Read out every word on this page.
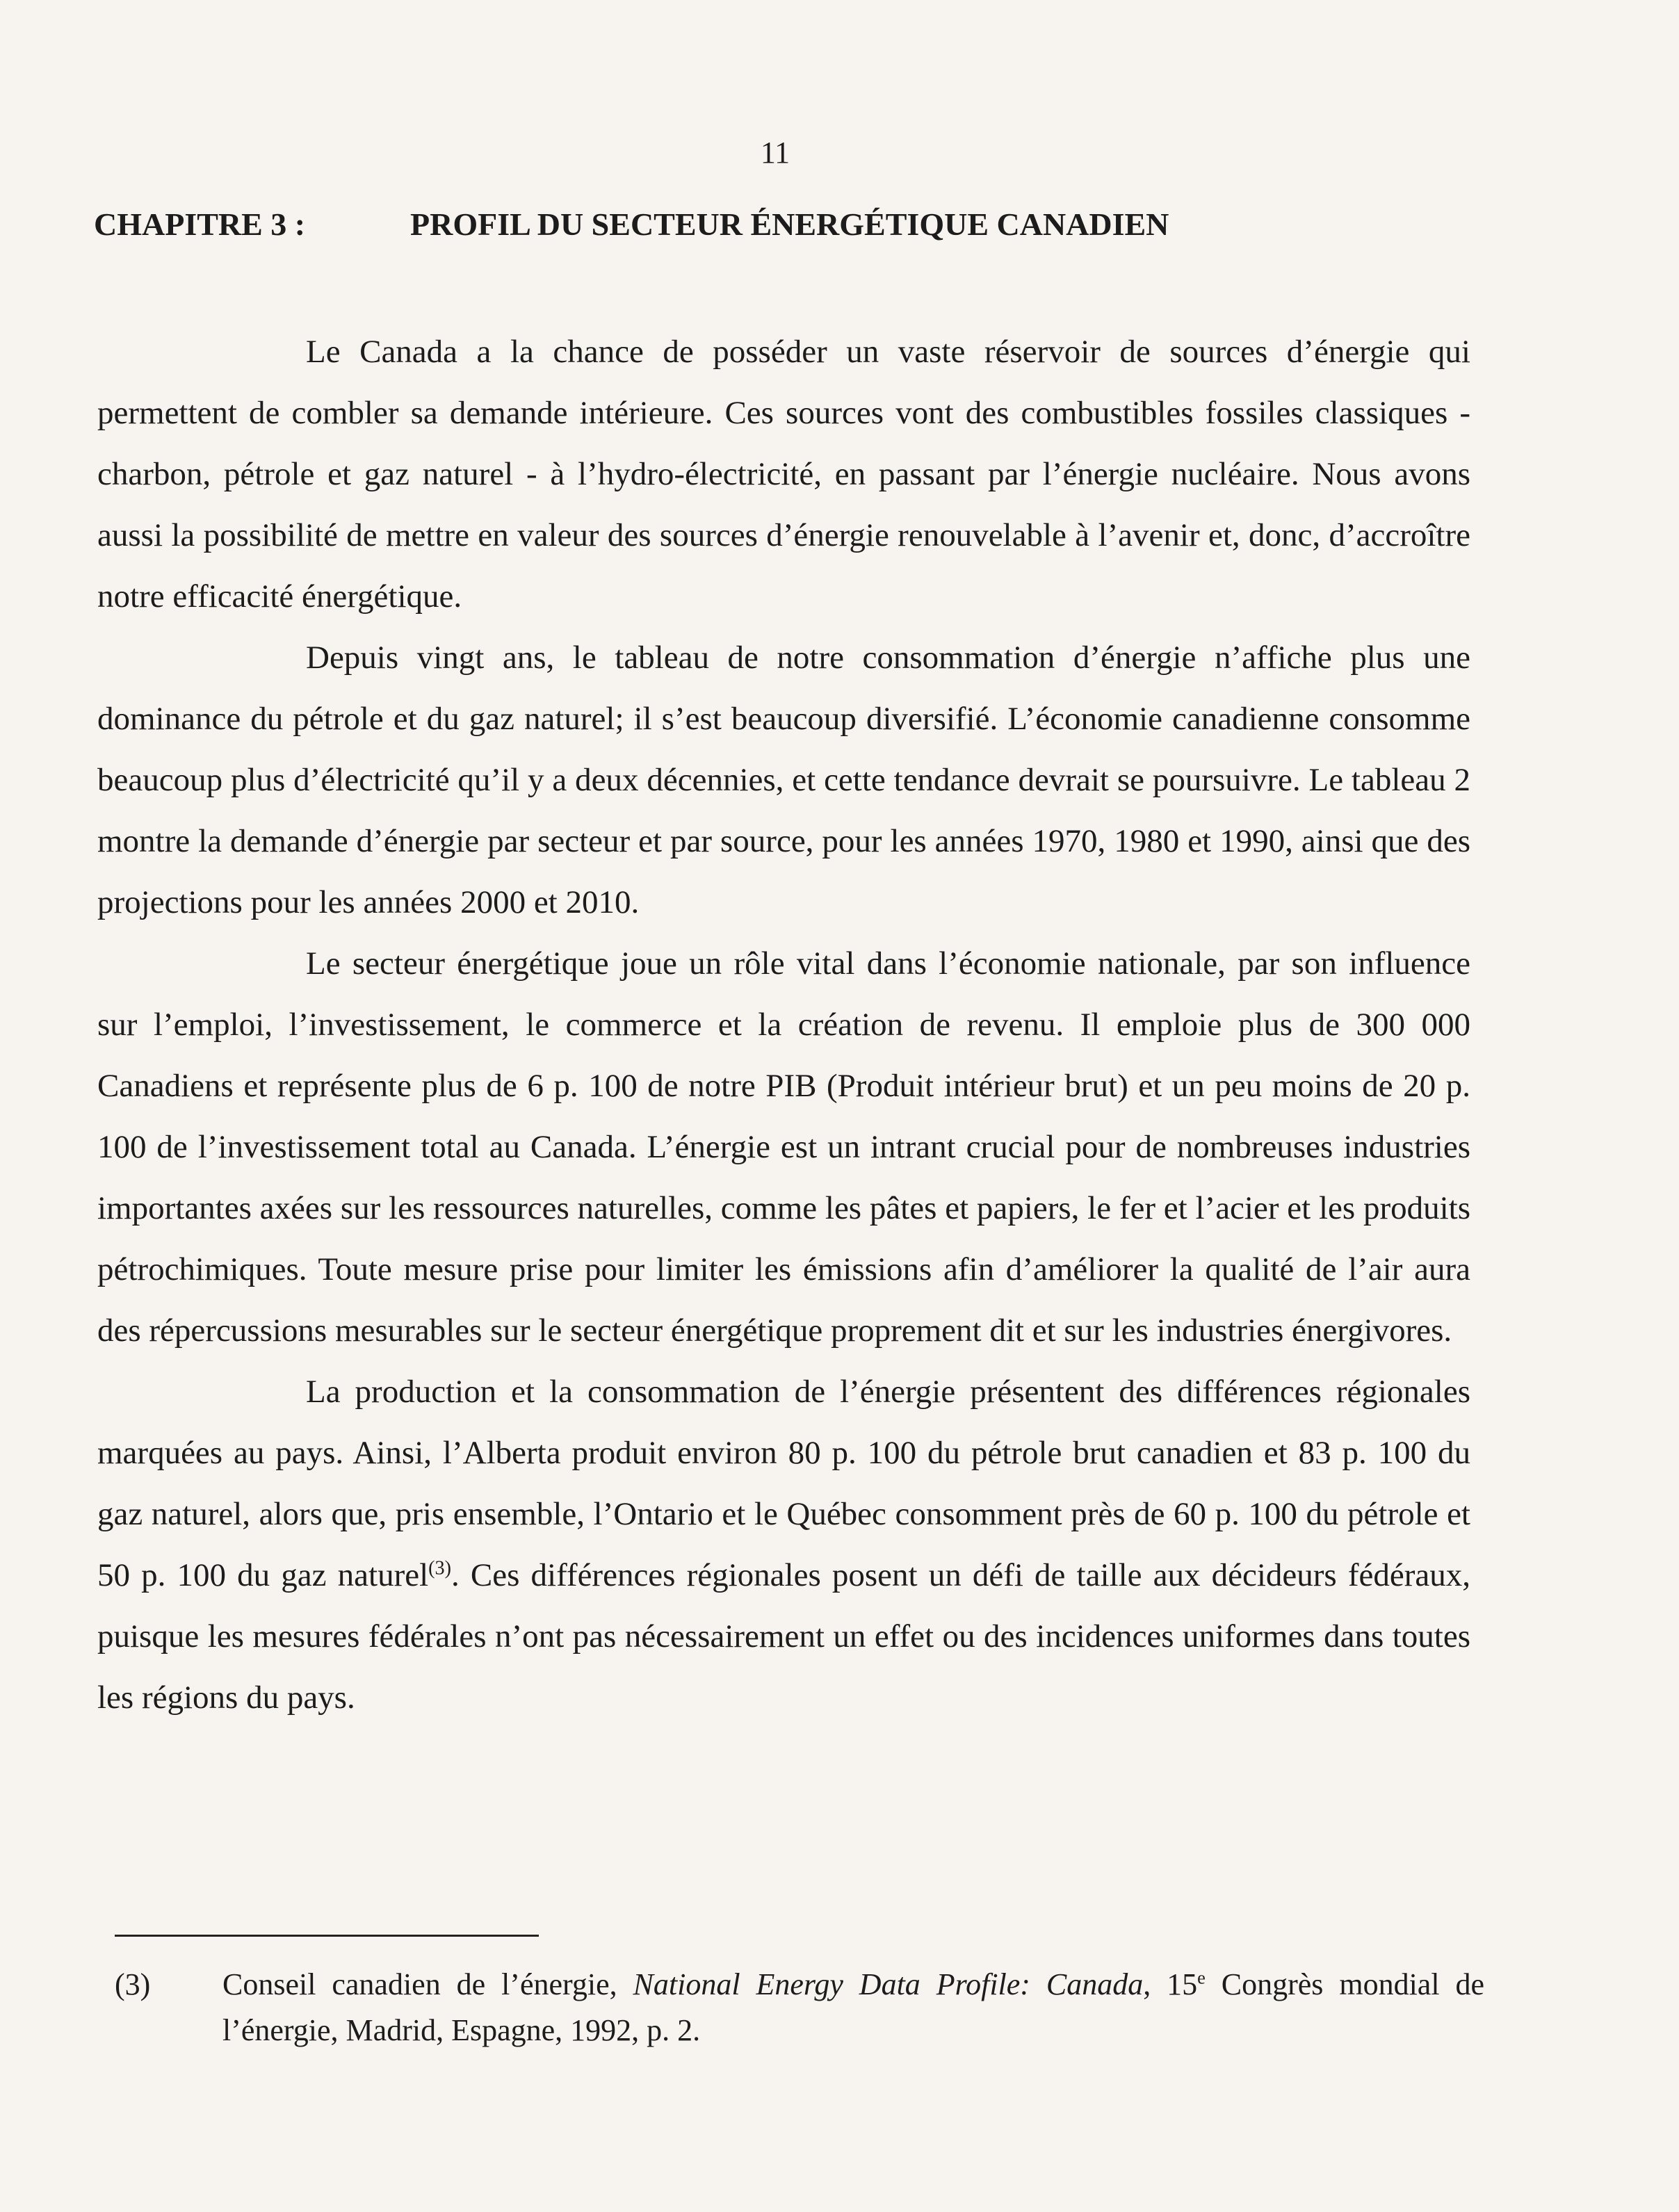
11
CHAPITRE 3 :	PROFIL DU SECTEUR ÉNERGÉTIQUE CANADIEN

Le Canada a la chance de posséder un vaste réservoir de sources d’énergie qui permettent de combler sa demande intérieure. Ces sources vont des combustibles fossiles classiques - charbon, pétrole et gaz naturel - à l’hydro-électricité, en passant par l’énergie nucléaire. Nous avons aussi la possibilité de mettre en valeur des sources d’énergie renouvelable à l’avenir et, donc, d’accroître notre efficacité énergétique.

Depuis vingt ans, le tableau de notre consommation d’énergie n’affiche plus une dominance du pétrole et du gaz naturel; il s’est beaucoup diversifié. L’économie canadienne consomme beaucoup plus d’électricité qu’il y a deux décennies, et cette tendance devrait se poursuivre. Le tableau 2 montre la demande d’énergie par secteur et par source, pour les années 1970, 1980 et 1990, ainsi que des projections pour les années 2000 et 2010.

Le secteur énergétique joue un rôle vital dans l’économie nationale, par son influence sur l’emploi, l’investissement, le commerce et la création de revenu. Il emploie plus de 300 000 Canadiens et représente plus de 6 p. 100 de notre PIB (Produit intérieur brut) et un peu moins de 20 p. 100 de l’investissement total au Canada. L’énergie est un intrant crucial pour de nombreuses industries importantes axées sur les ressources naturelles, comme les pâtes et papiers, le fer et l’acier et les produits pétrochimiques. Toute mesure prise pour limiter les émissions afin d’améliorer la qualité de l’air aura des répercussions mesurables sur le secteur énergétique proprement dit et sur les industries énergivores.

La production et la consommation de l’énergie présentent des différences régionales marquées au pays. Ainsi, l’Alberta produit environ 80 p. 100 du pétrole brut canadien et 83 p. 100 du gaz naturel, alors que, pris ensemble, l’Ontario et le Québec consomment près de 60 p. 100 du pétrole et 50 p. 100 du gaz naturel$^{(3)}$. Ces différences régionales posent un défi de taille aux décideurs fédéraux, puisque les mesures fédérales n’ont pas nécessairement un effet ou des incidences uniformes dans toutes les régions du pays.

(3) Conseil canadien de l’énergie, National Energy Data Profile: Canada, 15e Congrès mondial de l’énergie, Madrid, Espagne, 1992, p. 2.
